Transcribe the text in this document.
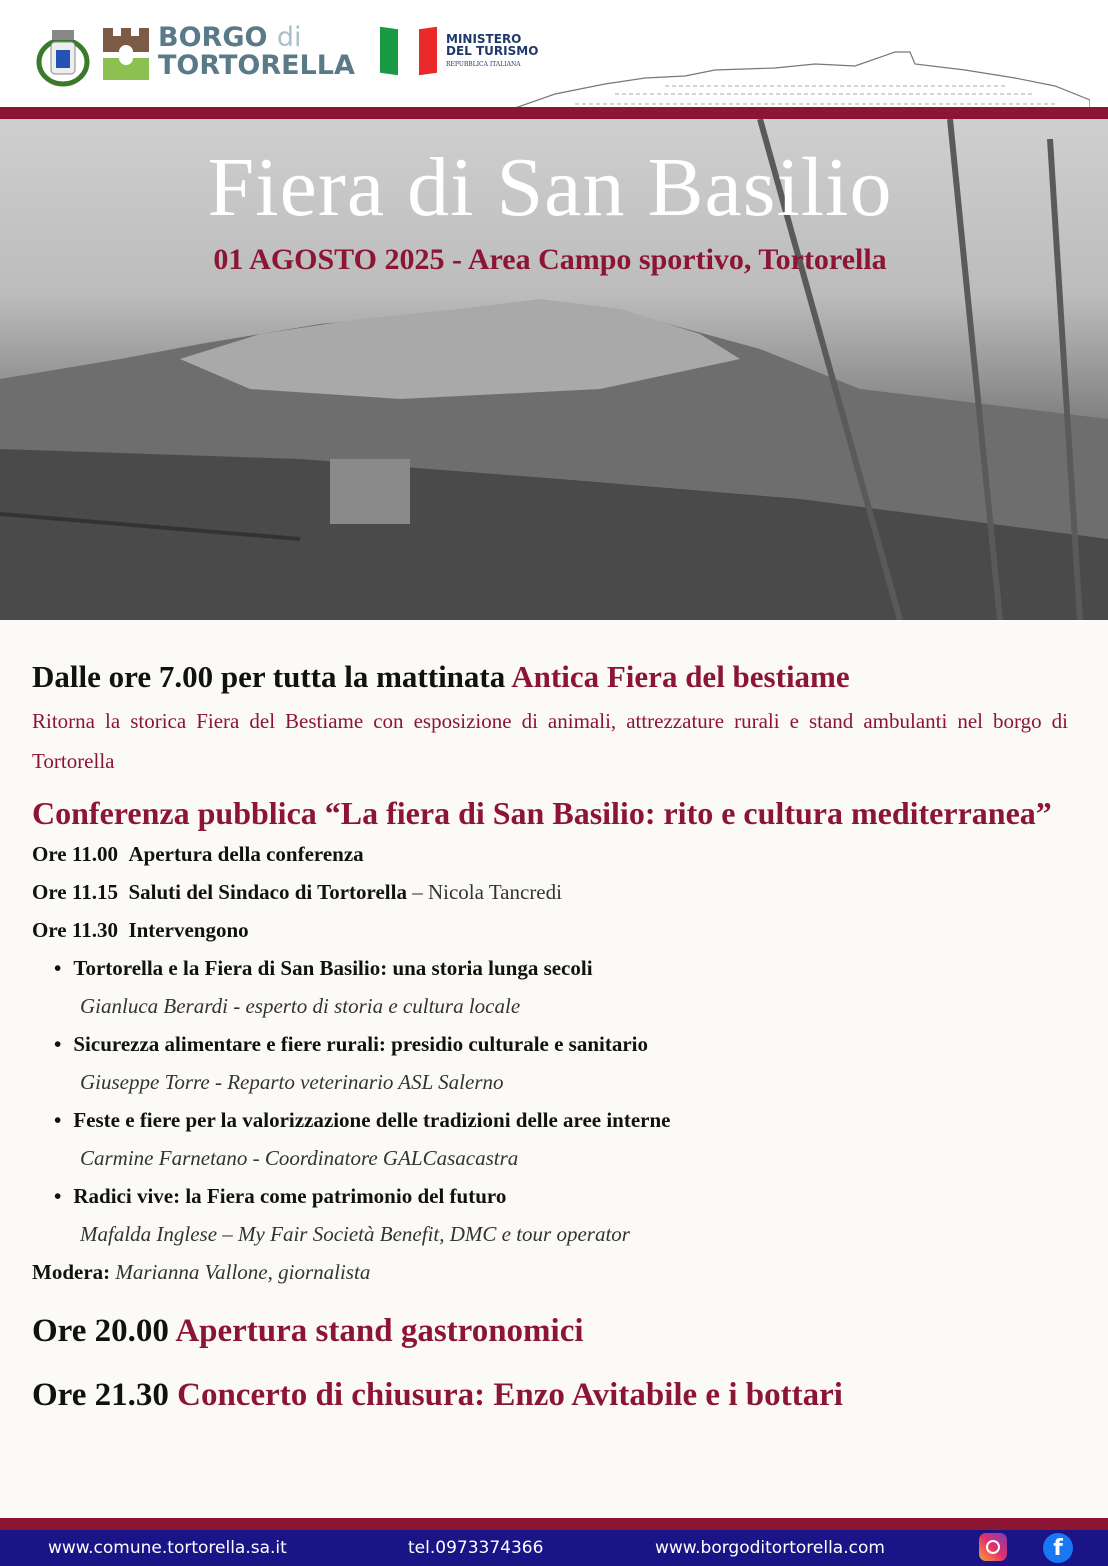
BORGO di
TORTORELLA
MINISTERO
DEL TURISMO
REPUBBLICA ITALIANA
Fiera di San Basilio
01 AGOSTO 2025 - Area Campo sportivo, Tortorella
Dalle ore 7.00 per tutta la mattinata Antica Fiera del bestiame
Ritorna la storica Fiera del Bestiame con esposizione di animali, attrezzature rurali e stand ambulanti nel borgo di Tortorella
Conferenza pubblica “La fiera di San Basilio: rito e cultura mediterranea”
Ore 11.00 Apertura della conferenza
Ore 11.15 Saluti del Sindaco di Tortorella – Nicola Tancredi
Ore 11.30 Intervengono
• Tortorella e la Fiera di San Basilio: una storia lunga secoli
Gianluca Berardi - esperto di storia e cultura locale
• Sicurezza alimentare e fiere rurali: presidio culturale e sanitario
Giuseppe Torre - Reparto veterinario ASL Salerno
• Feste e fiere per la valorizzazione delle tradizioni delle aree interne
Carmine Farnetano - Coordinatore GALCasacastra
• Radici vive: la Fiera come patrimonio del futuro
Mafalda Inglese – My Fair Società Benefit, DMC e tour operator
Modera: Marianna Vallone, giornalista
Ore 20.00 Apertura stand gastronomici
Ore 21.30 Concerto di chiusura: Enzo Avitabile e i bottari
www.comune.tortorella.sa.it	tel.0973374366	www.borgoditortorella.com	f
